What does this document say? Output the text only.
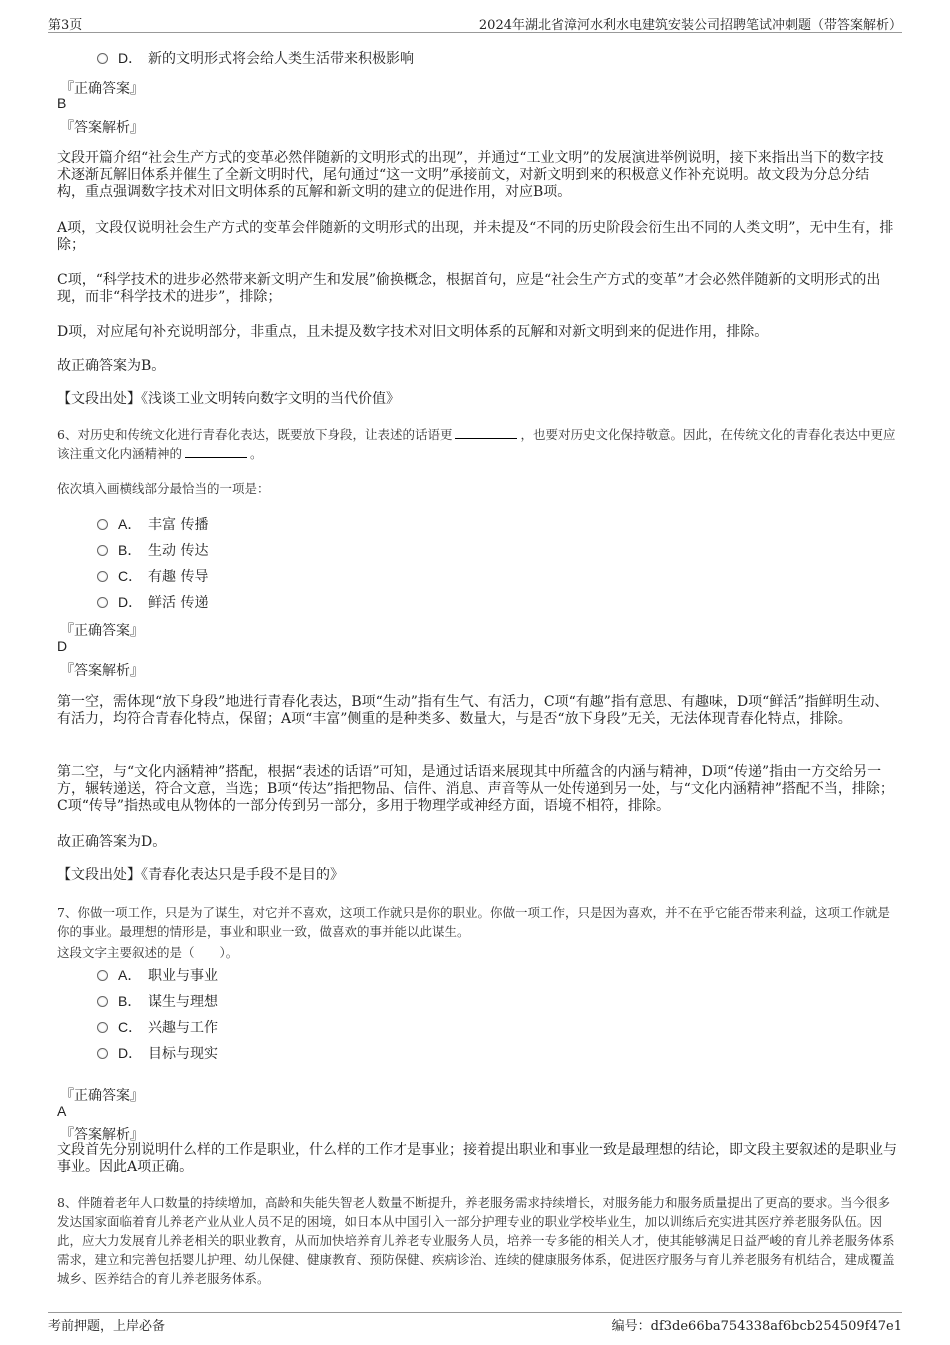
第3页	2024年湖北省漳河水利水电建筑安装公司招聘笔试冲刺题（带答案解析）
D． 新的文明形式将会给人类生活带来积极影响
『正确答案』
B
『答案解析』
文段开篇介绍“社会生产方式的变革必然伴随新的文明形式的出现”，并通过“工业文明”的发展演进举例说明，接下来指出当下的数字技术逐渐瓦解旧体系并催生了全新文明时代，尾句通过“这一文明”承接前文，对新文明到来的积极意义作补充说明。故文段为分总分结构，重点强调数字技术对旧文明体系的瓦解和新文明的建立的促进作用，对应B项。
A项，文段仅说明社会生产方式的变革会伴随新的文明形式的出现，并未提及“不同的历史阶段会衍生出不同的人类文明”，无中生有，排除；
C项，“科学技术的进步必然带来新文明产生和发展”偷换概念，根据首句，应是“社会生产方式的变革”才会必然伴随新的文明形式的出现，而非“科学技术的进步”，排除；
D项，对应尾句补充说明部分，非重点，且未提及数字技术对旧文明体系的瓦解和对新文明到来的促进作用，排除。
故正确答案为B。
【文段出处】《浅谈工业文明转向数字文明的当代价值》
6、对历史和传统文化进行青春化表达，既要放下身段，让表述的话语更	，也要对历史文化保持敬意。因此，在传统文化的青春化表达中更应该注重文化内涵精神的	。
依次填入画横线部分最恰当的一项是：
A． 丰富 传播
B． 生动 传达
C． 有趣 传导
D． 鲜活 传递
『正确答案』
D
『答案解析』
第一空，需体现“放下身段”地进行青春化表达，B项“生动”指有生气、有活力，C项“有趣”指有意思、有趣味，D项“鲜活”指鲜明生动、有活力，均符合青春化特点，保留；A项“丰富”侧重的是种类多、数量大，与是否“放下身段”无关，无法体现青春化特点，排除。
第二空，与“文化内涵精神”搭配，根据“表述的话语”可知，是通过话语来展现其中所蕴含的内涵与精神，D项“传递”指由一方交给另一方，辗转递送，符合文意，当选；B项“传达”指把物品、信件、消息、声音等从一处传递到另一处，与“文化内涵精神”搭配不当，排除；C项“传导”指热或电从物体的一部分传到另一部分，多用于物理学或神经方面，语境不相符，排除。
故正确答案为D。
【文段出处】《青春化表达只是手段不是目的》
7、你做一项工作，只是为了谋生，对它并不喜欢，这项工作就只是你的职业。你做一项工作，只是因为喜欢，并不在乎它能否带来利益，这项工作就是你的事业。最理想的情形是，事业和职业一致，做喜欢的事并能以此谋生。
这段文字主要叙述的是（　　）。
A． 职业与事业
B． 谋生与理想
C． 兴趣与工作
D． 目标与现实
『正确答案』
A
『答案解析』
文段首先分别说明什么样的工作是职业，什么样的工作才是事业；接着提出职业和事业一致是最理想的结论，即文段主要叙述的是职业与事业。因此A项正确。
8、伴随着老年人口数量的持续增加，高龄和失能失智老人数量不断提升，养老服务需求持续增长，对服务能力和服务质量提出了更高的要求。当今很多发达国家面临着育儿养老产业从业人员不足的困境，如日本从中国引入一部分护理专业的职业学校毕业生，加以训练后充实进其医疗养老服务队伍。因此，应大力发展育儿养老相关的职业教育，从而加快培养育儿养老专业服务人员，培养一专多能的相关人才，使其能够满足日益严峻的育儿养老服务体系需求，建立和完善包括婴儿护理、幼儿保健、健康教育、预防保健、疾病诊治、连续的健康服务体系，促进医疗服务与育儿养老服务有机结合，建成覆盖城乡、医养结合的育儿养老服务体系。
考前押题，上岸必备	编号：df3de66ba754338af6bcb254509f47e1
